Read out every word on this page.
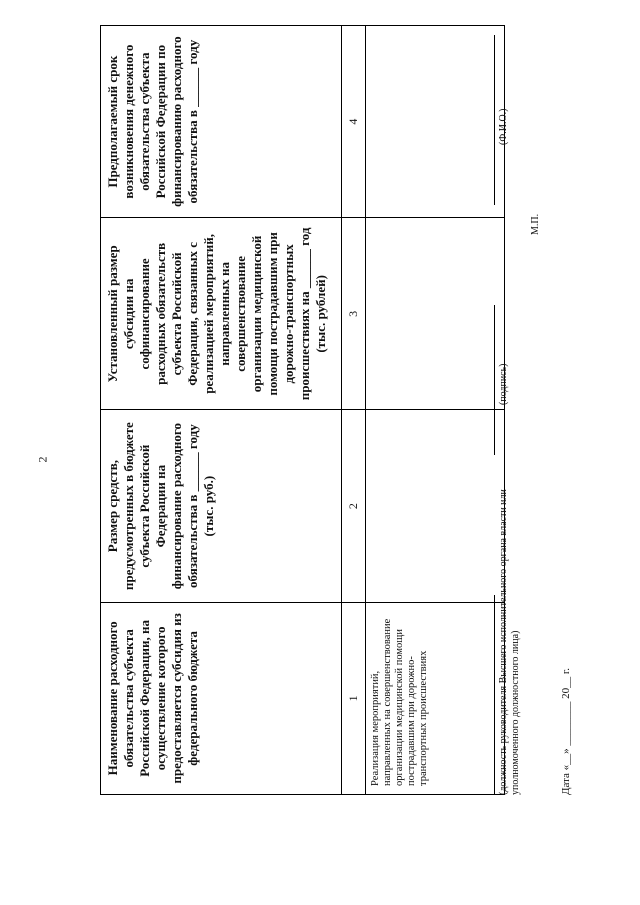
2
Наименование расходного обязательства субъекта Российской Федерации, на осуществление которого предоставляется субсидия из федерального бюджета	Размер средств, предусмотренных в бюджете субъекта Российской Федерации на финансирование расходного обязательства в ______ году (тыс. руб.)	Установленный размер субсидии на софинансирование расходных обязательств субъекта Российской Федерации, связанных с реализацией мероприятий, направленных на совершенствование организации медицинской помощи пострадавшим при дорожно-транспортных происшествиях на ______ год (тыс. рублей)	Предполагаемый срок возникновения денежного обязательства субъекта Российской Федерации по финансированию расходного обязательства в ______ году
1	2	3	4
Реализация мероприятий, направленных на совершенствование организации медицинской помощи пострадавшим при дорожно-транспортных происшествиях				(должность руководителя Высшего исполнительного органа власти или уполномоченного должностного лица)
(подпись)
(Ф.И.О.)
М.П.
Дата «__» ________ 20__ г.
